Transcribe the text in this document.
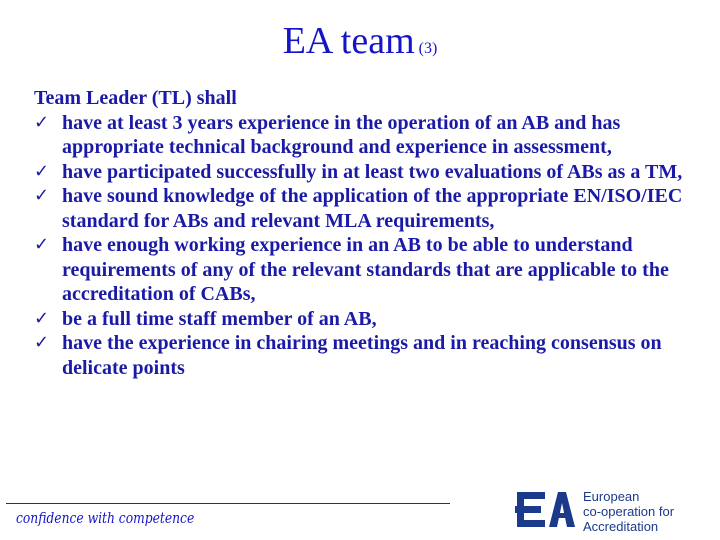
EA team (3)

Team Leader (TL) shall

✓ have at least 3 years experience in the operation of an AB and has appropriate technical background and experience in assessment,
✓ have participated successfully in at least two evaluations of ABs as a TM,
✓ have sound knowledge of the application of the appropriate EN/ISO/IEC standard for ABs and relevant MLA requirements,
✓ have enough working experience in an AB to be able to understand requirements of any of the relevant standards that are applicable to the accreditation of CABs,
✓ be a full time staff member of an AB,
✓ have the experience in chairing meetings and in reaching consensus on delicate points
confidence with competence
European
co-operation for
Accreditation
